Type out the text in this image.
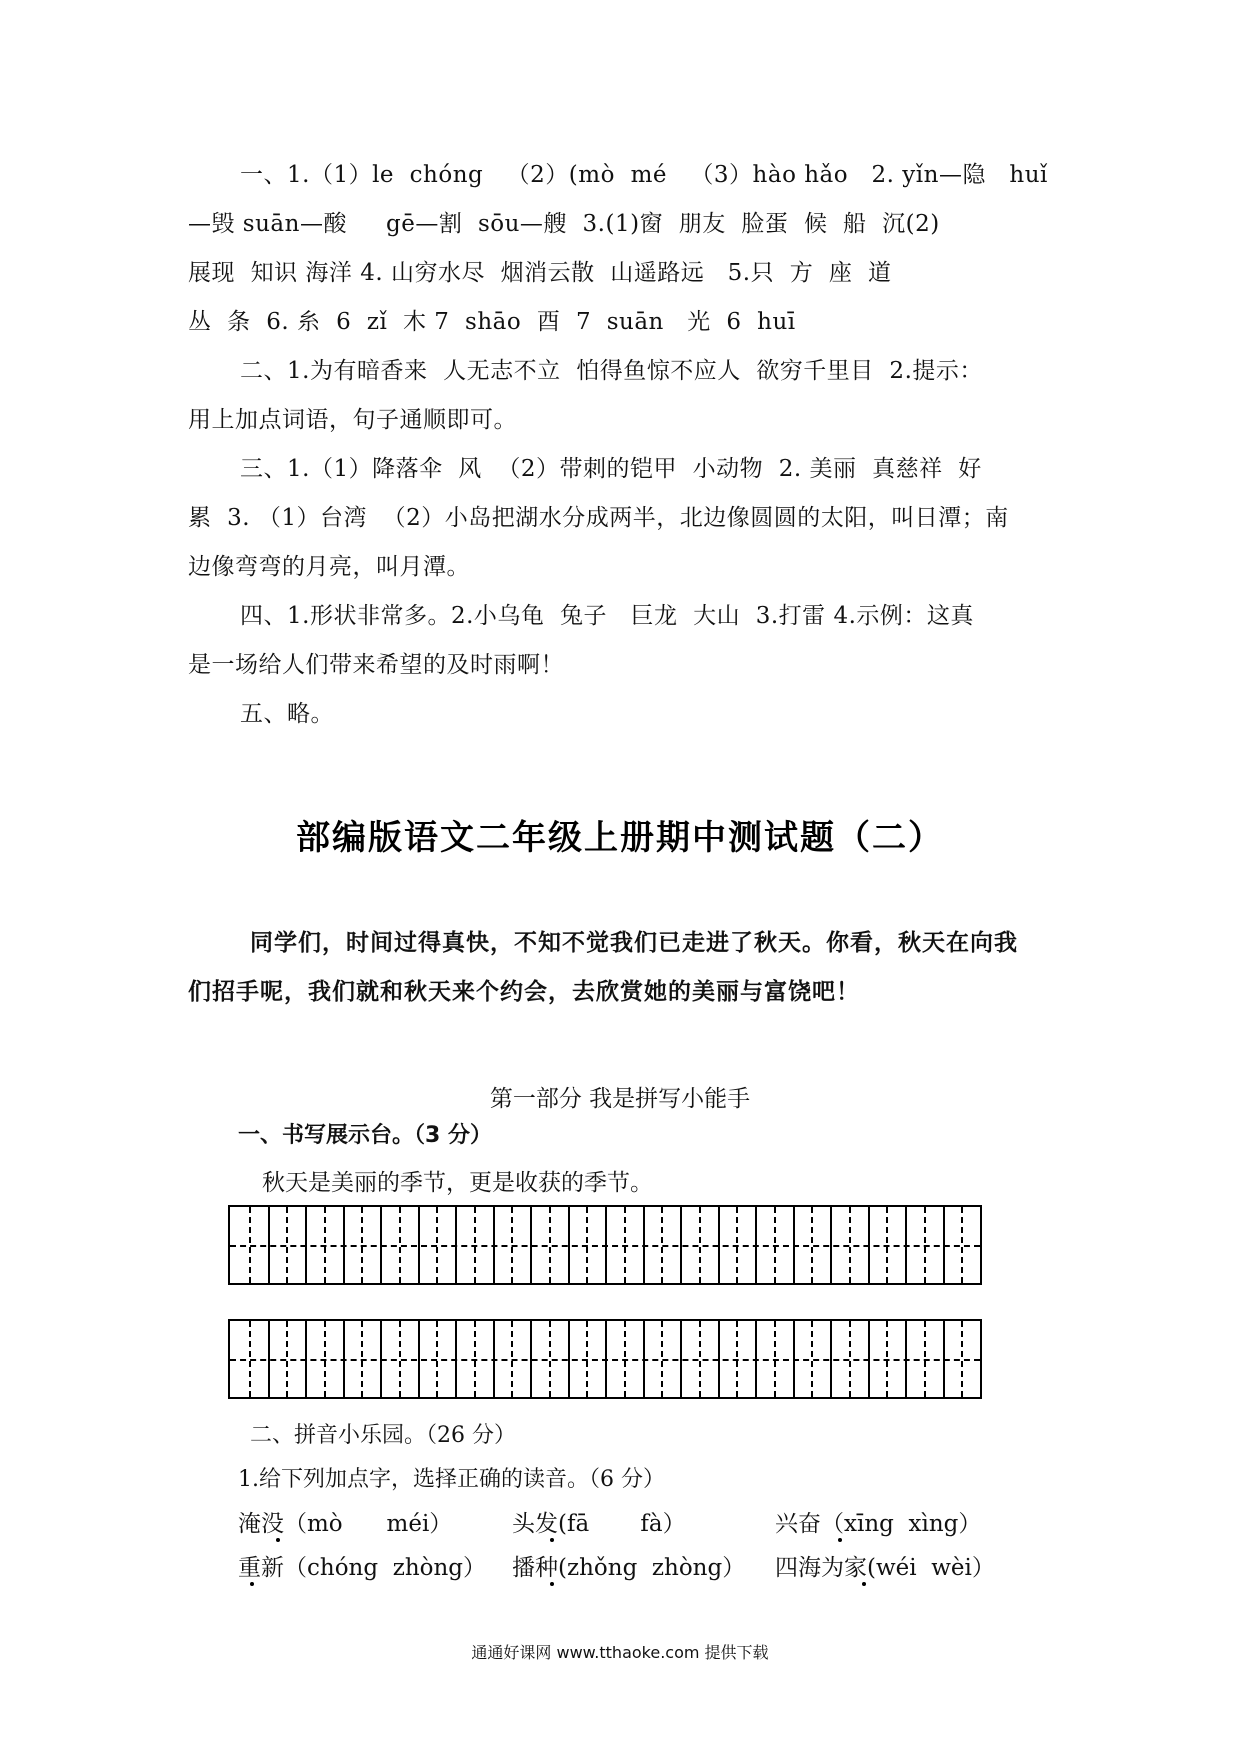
一、1.（1）le  chóng   （2）(mò  mé   （3）hào hǎo   2. yǐn—隐   huǐ
—毁 suān—酸     gē—割  sōu—艘  3.(1)窗  朋友  脸蛋  候  船  沉(2)
展现  知识 海洋 4. 山穷水尽  烟消云散  山遥路远   5.只  方  座  道
丛  条  6. 糸  6  zǐ  木 7  shāo  酉  7  suān   光  6  huī
二、1.为有暗香来  人无志不立  怕得鱼惊不应人  欲穷千里目  2.提示：
用上加点词语，句子通顺即可。
三、1.（1）降落伞  风  （2）带刺的铠甲  小动物  2. 美丽  真慈祥  好
累  3. （1）台湾  （2）小岛把湖水分成两半，北边像圆圆的太阳，叫日潭；南
边像弯弯的月亮，叫月潭。
四、1.形状非常多。2.小乌龟  兔子   巨龙  大山  3.打雷 4.示例：这真
是一场给人们带来希望的及时雨啊！
五、略。
部编版语文二年级上册期中测试题（二）
同学们，时间过得真快，不知不觉我们已走进了秋天。你看，秋天在向我
们招手呢，我们就和秋天来个约会，去欣赏她的美丽与富饶吧！
第一部分 我是拼写小能手
一、书写展示台。（3 分）
秋天是美丽的季节，更是收获的季节。
二、拼音小乐园。（26 分）
1.给下列加点字，选择正确的读音。（6 分）
淹没（mò      méi）	头发(fā       fà）	兴奋（xīng  xìng）
重新（chóng  zhòng） 播种(zhǒng  zhòng） 四海为家(wéi  wèi）
通通好课网 www.tthaoke.com 提供下载
